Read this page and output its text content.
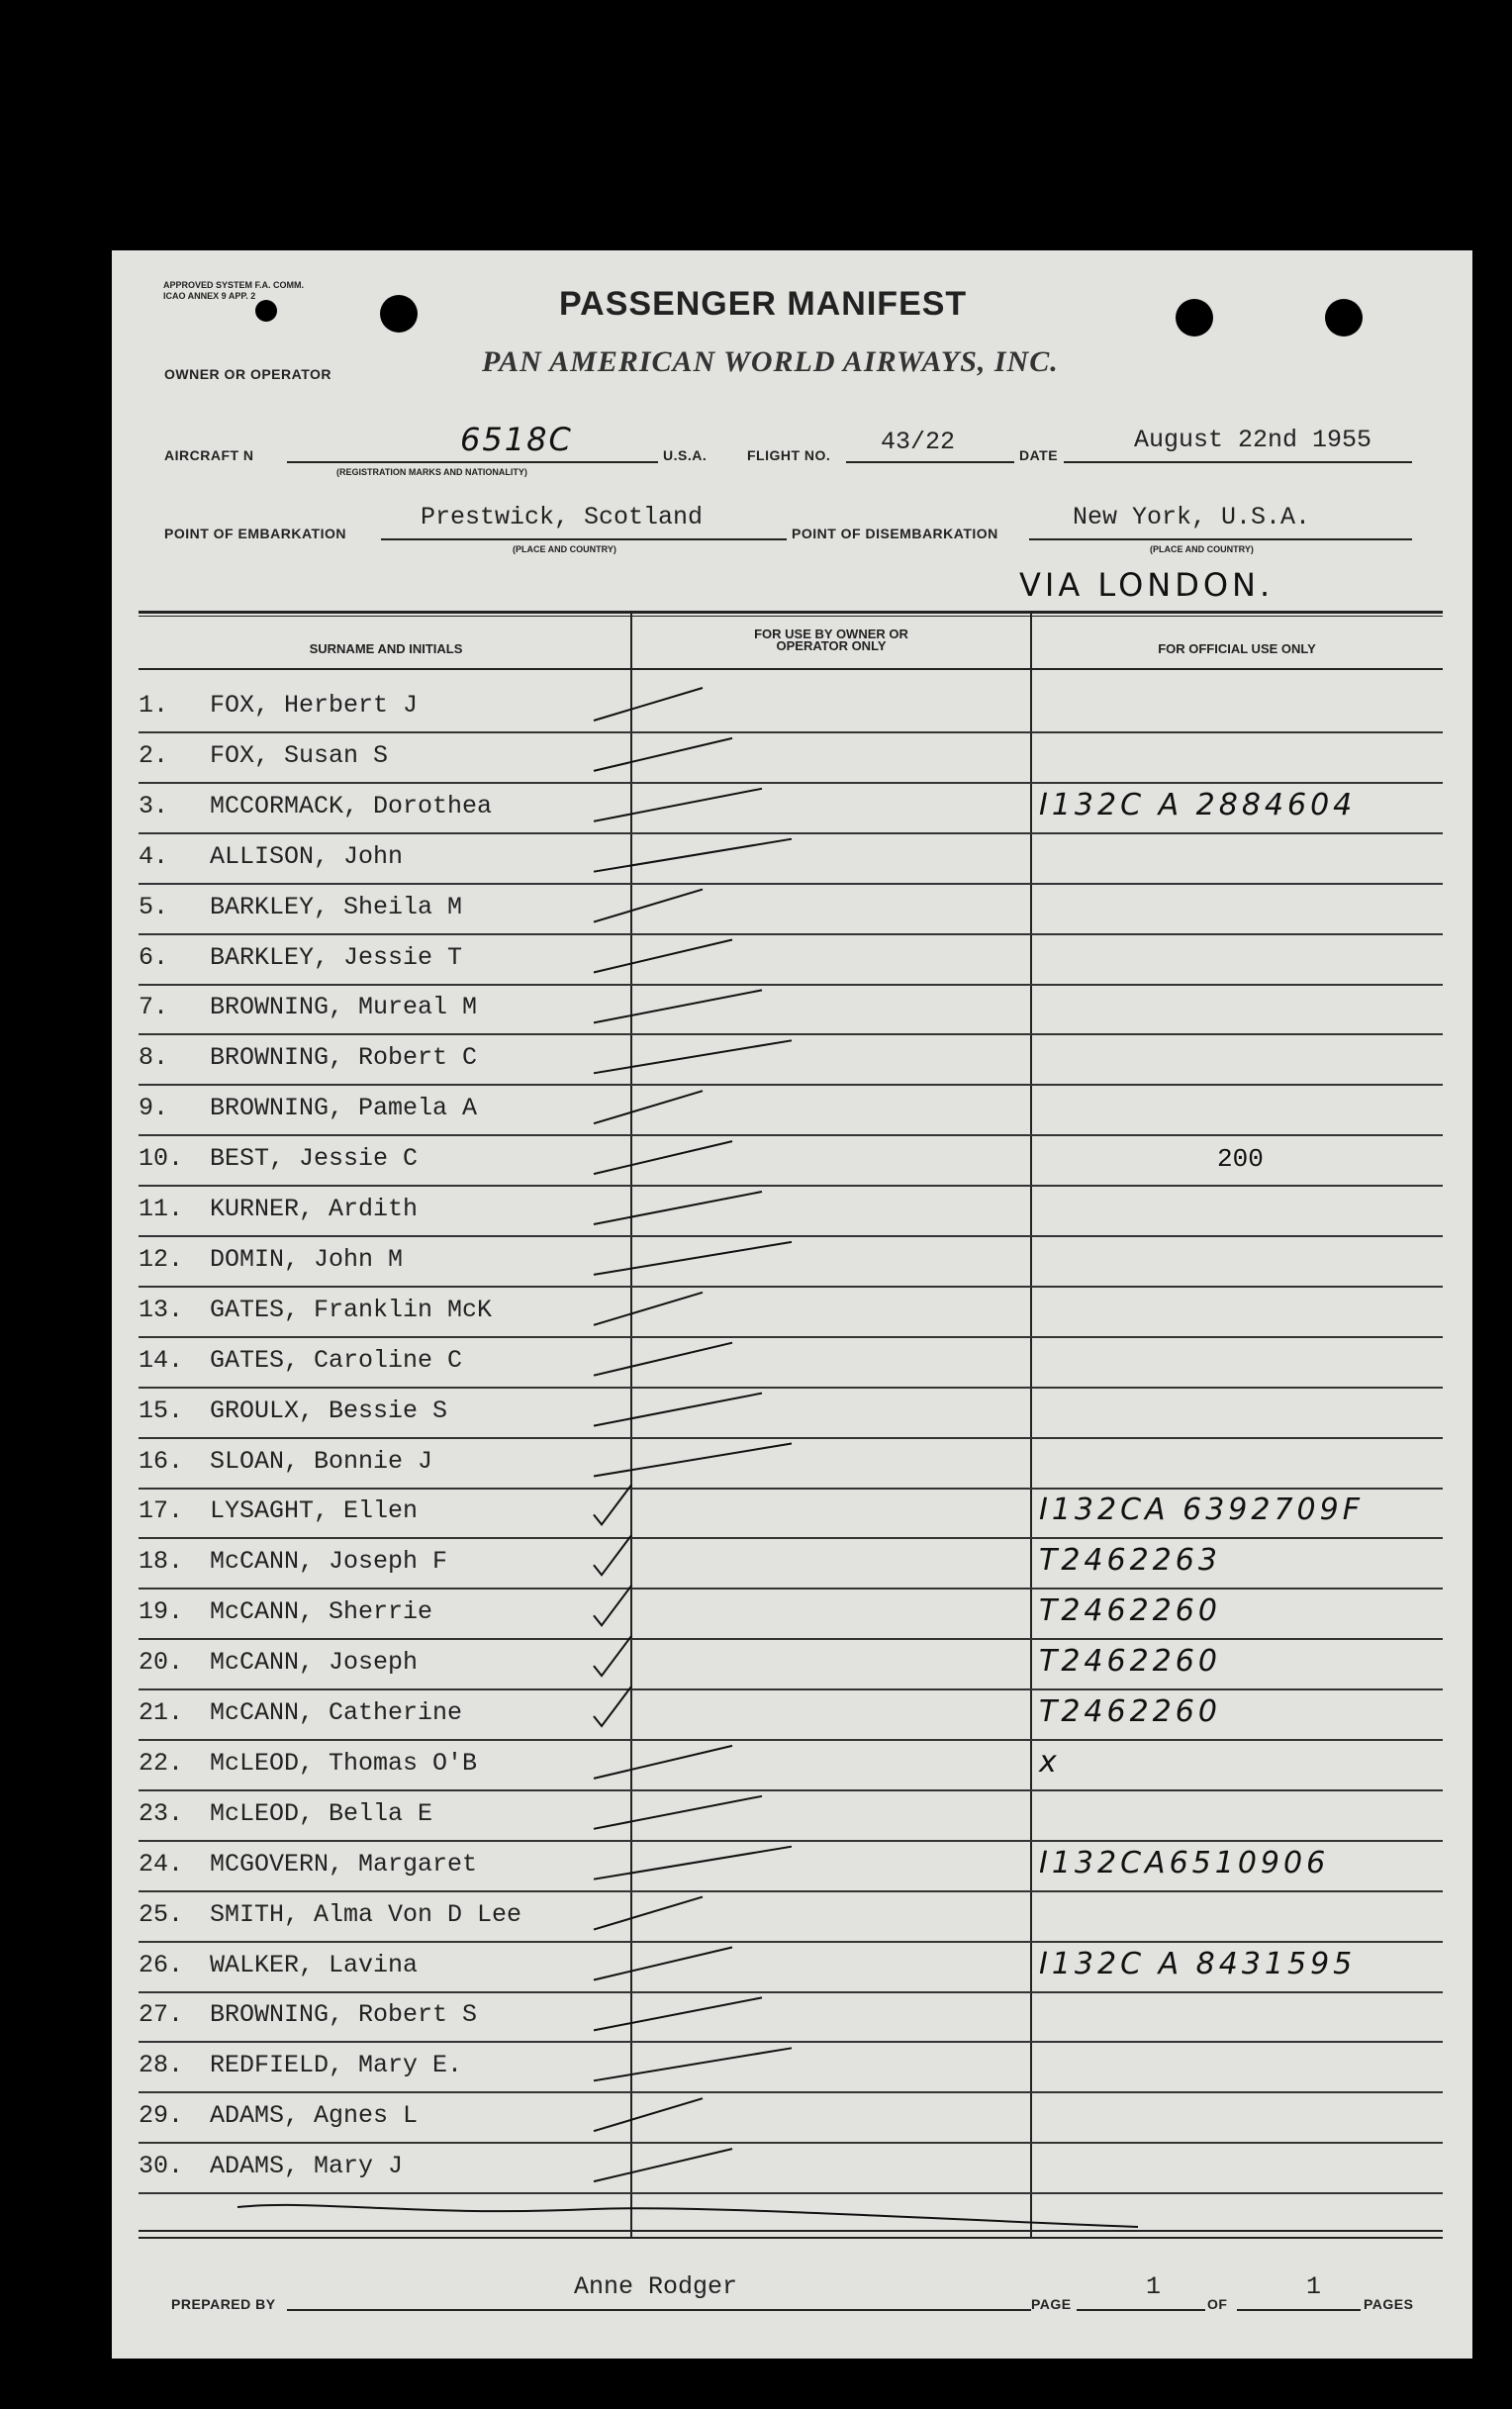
APPROVED SYSTEM F.A. COMM. ICAO ANNEX 9 APP. 2	PASSENGER MANIFEST
OWNER OR OPERATOR	PAN AMERICAN WORLD AIRWAYS, INC.
AIRCRAFT N	6518C
(REGISTRATION MARKS AND NATIONALITY)
U.S.A.	FLIGHT NO. 43/22	DATE
August 22nd 1955
POINT OF EMBARKATION
Prestwick, Scotland
(PLACE AND COUNTRY)
POINT OF DISEMBARKATION
New York, U.S.A.
(PLACE AND COUNTRY)
VIA LONDON.
SURNAME AND INITIALS
FOR USE BY OWNER OR OPERATOR ONLY	FOR OFFICIAL USE ONLY
1.	FOX, Herbert J
2.	FOX, Susan S
3.	MCCORMACK, Dorothea	I132C A 2884604
4.	ALLISON, John
5.	BARKLEY, Sheila M
6.	BARKLEY, Jessie T
7.	BROWNING, Mureal M
8.	BROWNING, Robert C
9.	BROWNING, Pamela A
10.	BEST, Jessie C	200
11.	KURNER, Ardith
12.	DOMIN, John M
13.	GATES, Franklin McK
14.	GATES, Caroline C
15.	GROULX, Bessie S
16.	SLOAN, Bonnie J
17.	LYSAGHT, Ellen	I132CA 6392709F
18.	McCANN, Joseph F	T2462263
19.	McCANN, Sherrie	T2462260
20.	McCANN, Joseph	T2462260
21.	McCANN, Catherine	T2462260
22.	McLEOD, Thomas O'B	x
23.	McLEOD, Bella E
24.	MCGOVERN, Margaret	I132CA6510906
25.	SMITH, Alma Von D Lee
26.	WALKER, Lavina	I132C A 8431595
27.	BROWNING, Robert S
28.	REDFIELD, Mary E.
29.	ADAMS, Agnes L
30.	ADAMS, Mary J
PREPARED BY
Anne Rodger
PAGE
1
OF
1
PAGES
